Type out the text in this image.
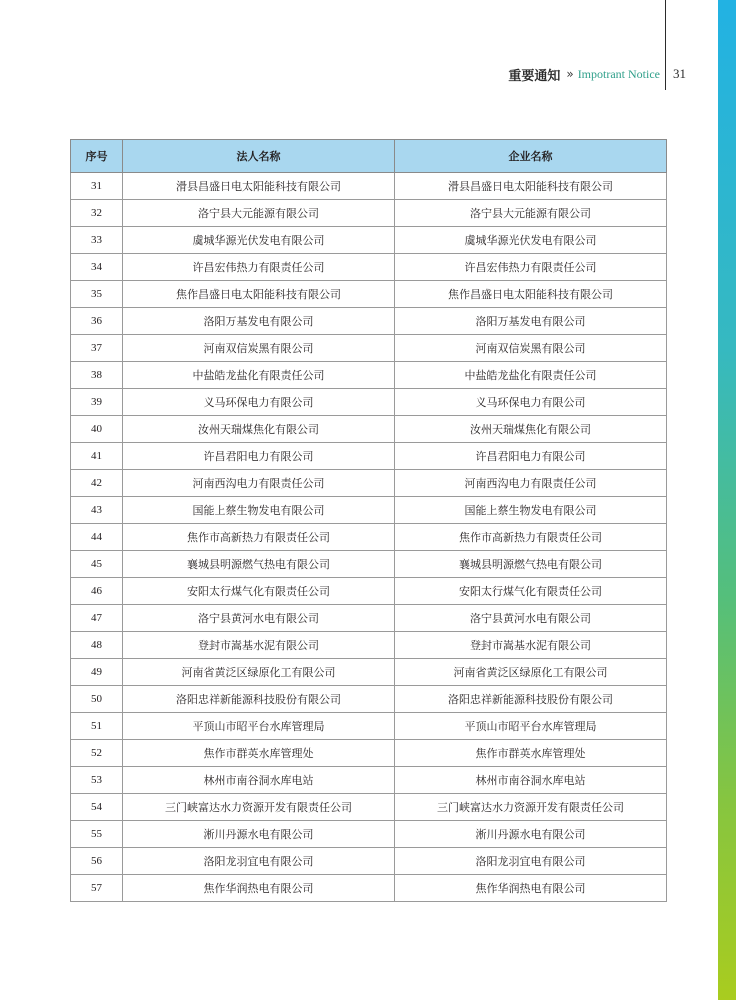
重要通知 » Impotrant Notice 31
序号	法人名称	企业名称
31	滑县昌盛日电太阳能科技有限公司	滑县昌盛日电太阳能科技有限公司
32	洛宁县大元能源有限公司	洛宁县大元能源有限公司
33	虞城华源光伏发电有限公司	虞城华源光伏发电有限公司
34	许昌宏伟热力有限责任公司	许昌宏伟热力有限责任公司
35	焦作昌盛日电太阳能科技有限公司	焦作昌盛日电太阳能科技有限公司
36	洛阳万基发电有限公司	洛阳万基发电有限公司
37	河南双信炭黑有限公司	河南双信炭黑有限公司
38	中盐皓龙盐化有限责任公司	中盐皓龙盐化有限责任公司
39	义马环保电力有限公司	义马环保电力有限公司
40	汝州天瑞煤焦化有限公司	汝州天瑞煤焦化有限公司
41	许昌君阳电力有限公司	许昌君阳电力有限公司
42	河南西沟电力有限责任公司	河南西沟电力有限责任公司
43	国能上蔡生物发电有限公司	国能上蔡生物发电有限公司
44	焦作市高新热力有限责任公司	焦作市高新热力有限责任公司
45	襄城县明源燃气热电有限公司	襄城县明源燃气热电有限公司
46	安阳太行煤气化有限责任公司	安阳太行煤气化有限责任公司
47	洛宁县黄河水电有限公司	洛宁县黄河水电有限公司
48	登封市嵩基水泥有限公司	登封市嵩基水泥有限公司
49	河南省黄泛区绿原化工有限公司	河南省黄泛区绿原化工有限公司
50	洛阳忠祥新能源科技股份有限公司	洛阳忠祥新能源科技股份有限公司
51	平顶山市昭平台水库管理局	平顶山市昭平台水库管理局
52	焦作市群英水库管理处	焦作市群英水库管理处
53	林州市南谷洞水库电站	林州市南谷洞水库电站
54	三门峡富达水力资源开发有限责任公司	三门峡富达水力资源开发有限责任公司
55	淅川丹源水电有限公司	淅川丹源水电有限公司
56	洛阳龙羽宜电有限公司	洛阳龙羽宜电有限公司
57	焦作华润热电有限公司	焦作华润热电有限公司
